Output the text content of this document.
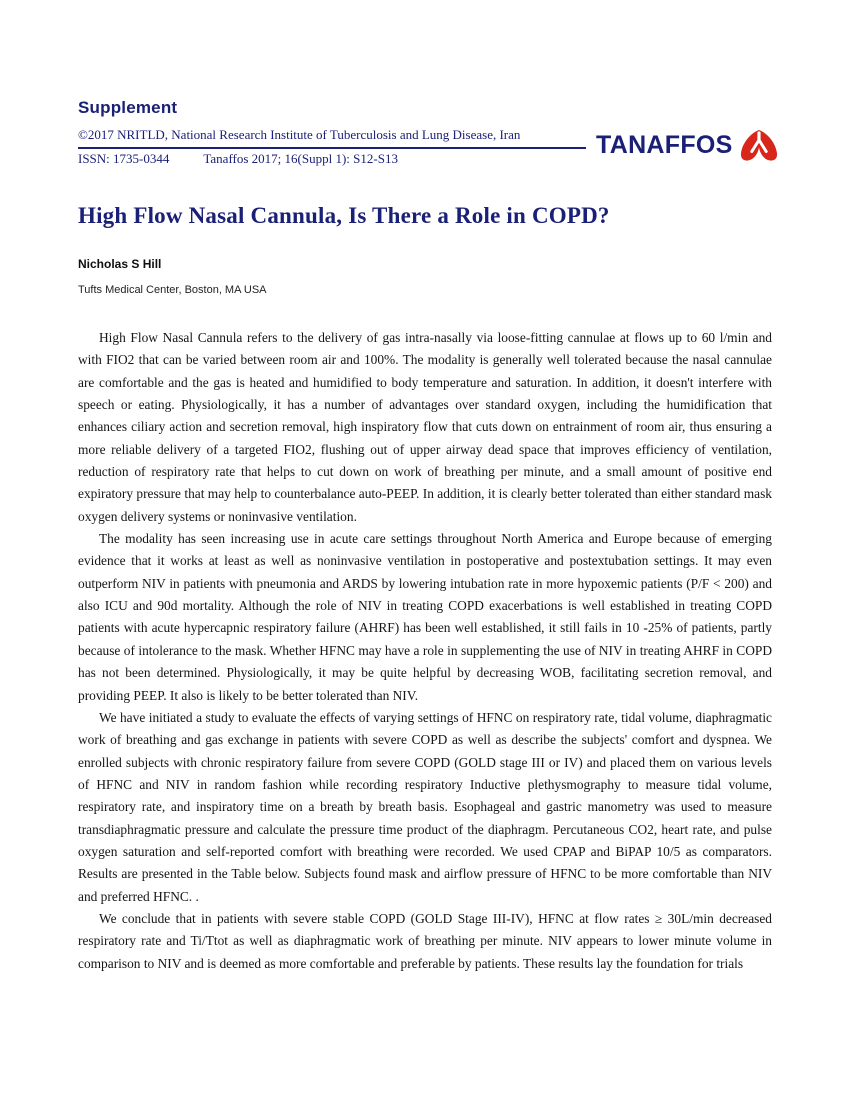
Supplement
©2017 NRITLD, National Research Institute of Tuberculosis and Lung Disease, Iran
ISSN: 1735-0344	Tanaffos 2017; 16(Suppl 1): S12-S13	TANAFFOS
High Flow Nasal Cannula, Is There a Role in COPD?
Nicholas S Hill
Tufts Medical Center, Boston, MA USA

High Flow Nasal Cannula refers to the delivery of gas intra-nasally via loose-fitting cannulae at flows up to 60 l/min and with FIO2 that can be varied between room air and 100%. The modality is generally well tolerated because the nasal cannulae are comfortable and the gas is heated and humidified to body temperature and saturation. In addition, it doesn't interfere with speech or eating. Physiologically, it has a number of advantages over standard oxygen, including the humidification that enhances ciliary action and secretion removal, high inspiratory flow that cuts down on entrainment of room air, thus ensuring a more reliable delivery of a targeted FIO2, flushing out of upper airway dead space that improves efficiency of ventilation, reduction of respiratory rate that helps to cut down on work of breathing per minute, and a small amount of positive end expiratory pressure that may help to counterbalance auto-PEEP. In addition, it is clearly better tolerated than either standard mask oxygen delivery systems or noninvasive ventilation.

The modality has seen increasing use in acute care settings throughout North America and Europe because of emerging evidence that it works at least as well as noninvasive ventilation in postoperative and postextubation settings. It may even outperform NIV in patients with pneumonia and ARDS by lowering intubation rate in more hypoxemic patients (P/F < 200) and also ICU and 90d mortality. Although the role of NIV in treating COPD exacerbations is well established in treating COPD patients with acute hypercapnic respiratory failure (AHRF) has been well established, it still fails in 10 -25% of patients, partly because of intolerance to the mask. Whether HFNC may have a role in supplementing the use of NIV in treating AHRF in COPD has not been determined. Physiologically, it may be quite helpful by decreasing WOB, facilitating secretion removal, and providing PEEP. It also is likely to be better tolerated than NIV.

We have initiated a study to evaluate the effects of varying settings of HFNC on respiratory rate, tidal volume, diaphragmatic work of breathing and gas exchange in patients with severe COPD as well as describe the subjects' comfort and dyspnea. We enrolled subjects with chronic respiratory failure from severe COPD (GOLD stage III or IV) and placed them on various levels of HFNC and NIV in random fashion while recording respiratory Inductive plethysmography to measure tidal volume, respiratory rate, and inspiratory time on a breath by breath basis. Esophageal and gastric manometry was used to measure transdiaphragmatic pressure and calculate the pressure time product of the diaphragm. Percutaneous CO2, heart rate, and pulse oxygen saturation and self-reported comfort with breathing were recorded. We used CPAP and BiPAP 10/5 as comparators. Results are presented in the Table below. Subjects found mask and airflow pressure of HFNC to be more comfortable than NIV and preferred HFNC. .

We conclude that in patients with severe stable COPD (GOLD Stage III-IV), HFNC at flow rates ≥ 30L/min decreased respiratory rate and Ti/Ttot as well as diaphragmatic work of breathing per minute. NIV appears to lower minute volume in comparison to NIV and is deemed as more comfortable and preferable by patients. These results lay the foundation for trials
